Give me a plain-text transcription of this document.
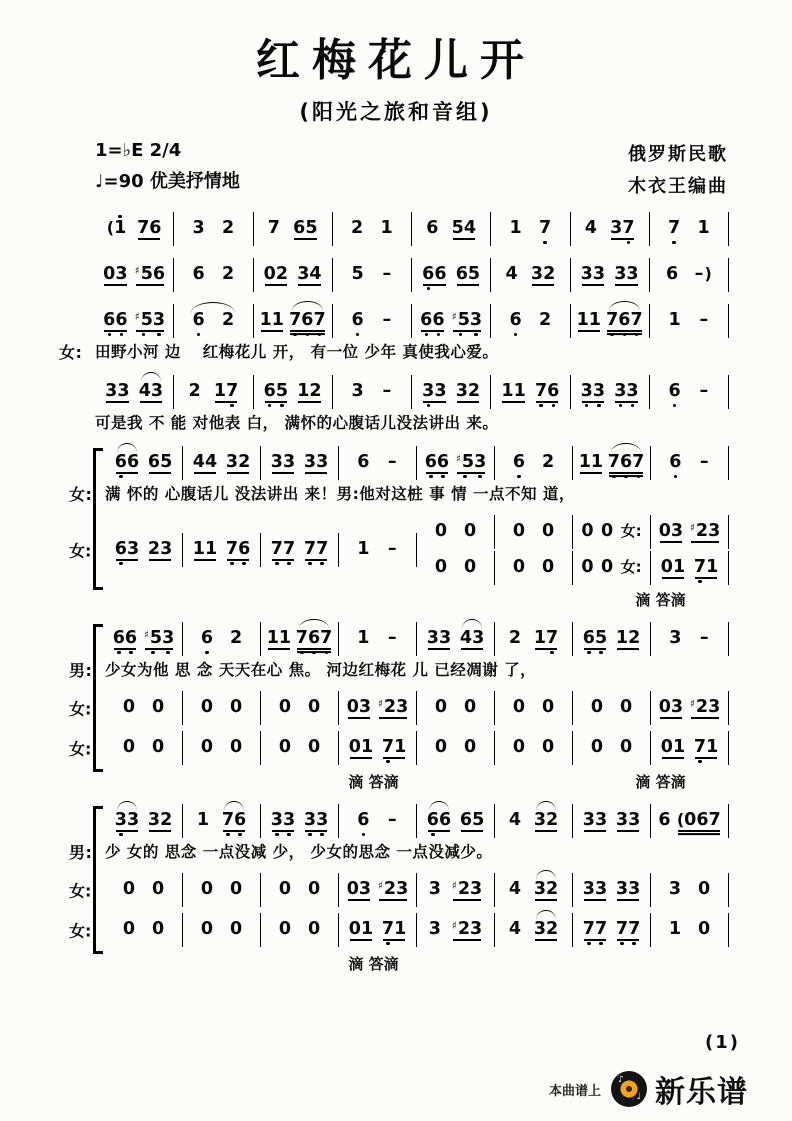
红梅花儿开
(阳光之旅和音组)
1=♭E 2/4
♩=90 优美抒情地
俄罗斯民歌
木衣王编曲
( 1 7 6 3 2 7 6 5 2 1 6 5 4 1 7 4 3 7 7 1
0 3 ♯5 6 6 2 0 2 3 4 5 – 6 6 6 5 4 3 2 3 3 3 3 6 – )
6 6 ♯5 3 6 2 1 1 7 6 7 6 – 6 6 ♯5 3 6 2 1 1 7 6 7 1 –
女: 田野小河 边　 红梅花儿 开， 有一位 少年 真使我心爱。
3 3 4 3 2 1 7 6 5 1 2 3 – 3 3 3 2 1 1 7 6 3 3 3 3 6 –
可是我 不 能 对他表 白， 满怀的心腹话儿没法讲出 来。
6 6 6 5 4 4 3 2 3 3 3 3 6 – 6 6 ♯5 3 6 2 1 1 7 6 7 6 –
女: 满 怀的 心腹话儿 没法讲出 来！男:他对这桩 事 情 一点不知 道，
女:	6 3 2 3 1 1 7 6 7 7 7 7 1 –
0 0 0 0 0 0 女: 0 3 ♯2 3
0 0 0 0 0 0 女: 0 1 7 1
滴 答滴
6 6 ♯5 3 6 2 1 1 7 6 7 1 – 3 3 4 3 2 1 7 6 5 1 2 3 –
男: 少女为他 思 念 天天在心 焦。 河边红梅花 儿 已经凋谢 了，
女:	0 0 0 0 0 0 0 3 ♯2 3 0 0 0 0 0 0 0 3 ♯2 3
女:	0 0 0 0 0 0 0 1 7 1 0 0 0 0 0 0 0 1 7 1
滴 答滴	滴 答滴
3 3 3 2 1 7 6 3 3 3 3 6 – 6 6 6 5 4 3 2 3 3 3 3 6 ( 0 6 7
男: 少 女的 思念 一点没减 少， 少女的思念 一点没减少。
女:	0 0 0 0 0 0 0 3 ♯2 3 3 ♯2 3 4 3 2 3 3 3 3 3 0
女:	0 0 0 0 0 0 0 1 7 1 3 ♯2 3 4 3 2 7 7 7 7 1 0
滴 答滴
(1)
本曲谱上
♪
♩ 新乐谱
